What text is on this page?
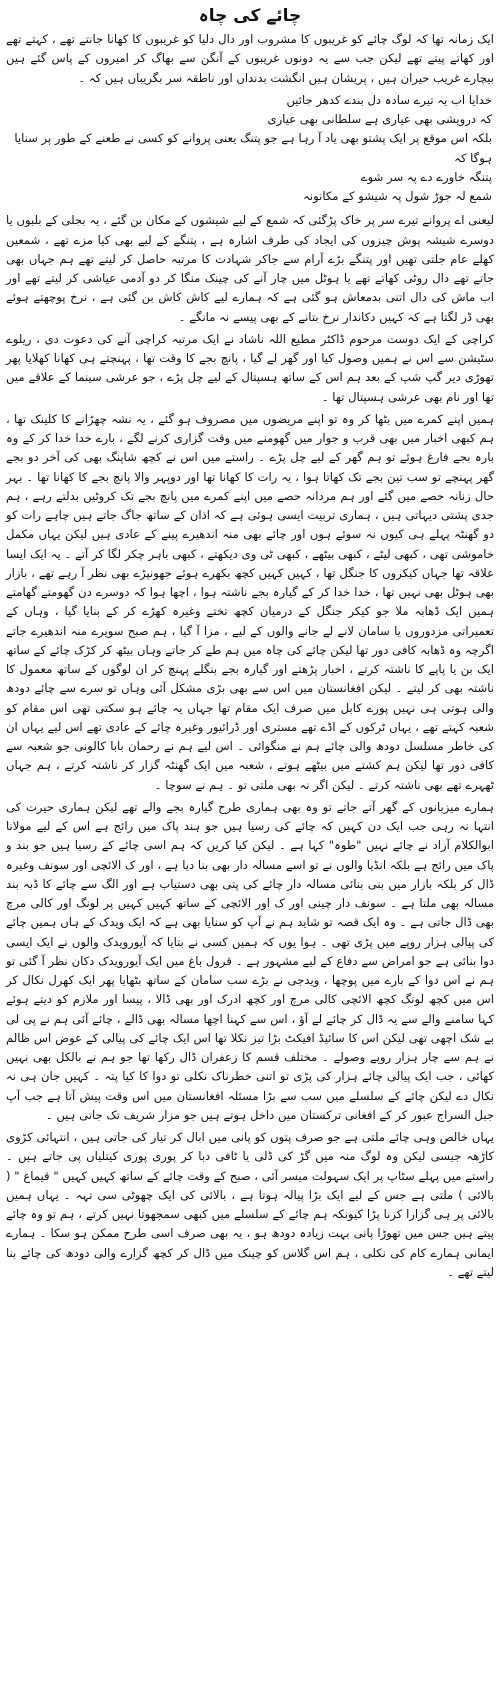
چائے کی چاہ

ایک زمانہ تھا کہ لوگ چائے کو غریبوں کا مشروب اور دال دلیا کو غریبوں کا کھانا جانتے تھے ، کہتے تھے اور کھاتے پیتے تھے لیکن جب سے یہ دونوں غریبوں کے آنگن سے بھاگ کر امیروں کے پاس گئے ہیں بیچارے غریب حیران ہیں ، پریشان ہیں انگشت بدنداں اور ناطقہ سر بگریباں ہیں کہ ۔

خدایا اب یہ تیرے سادہ دل بندے کدھر جائیں

کہ درویشی بھی عیاری ہے سلطانی بھی عیاری

بلکہ اس موقع پر ایک پشتو بھی یاد آ رہا ہے جو پتنگ یعنی پروانے کو کسی نے طعنے کے طور پر سنایا ہوگا کہ

پتنگہ خاورے دے پہ سر شوے

شمع لہ جوڑ شول پہ شیشو کے مکانونہ

لیعنی اے پروانے تیرے سر پر خاک پڑگئی کہ شمع کے لیے شیشوں کے مکان بن گئے ، یہ بجلی کے بلبوں یا دوسرے شیشہ پوش چیزوں کی ایجاد کی طرف اشارہ ہے ، پتنگے کے لیے بھی کیا مزے تھے ، شمعیں کھلے عام جلتی تھیں اور پتنگے بڑے آرام سے جاکر شہادت کا مرتبہ حاصل کر لیتے تھے ہم جہاں بھی جاتے تھے دال روٹی کھاتے تھے یا ہوٹل میں چار آنے کی چینک منگا کر دو آدمی عیاشی کر لیتے تھے اور اب ماش کی دال اتنی بدمعاش ہو گئی ہے کہ ہمارے لیے کاش کاش بن گئی ہے ، نرخ پوچھتے ہوئے بھی ڈر لگتا ہے کہ کہیں دکاندار نرخ بتانے کے بھی پیسے نہ مانگے ۔

کراچی کے ایک دوست مرحوم ڈاکٹر مطیع اللہ ناشاد نے ایک مرتبہ کراچی آنے کی دعوت دی ، ریلوے سٹیشن سے اس نے ہمیں وصول کیا اور گھر لے گیا ، پانچ بجے کا وقت تھا ، پہنچتے ہی کھانا کھلایا پھر تھوڑی دیر گپ شپ کے بعد ہم اس کے ساتھ ہسپتال کے لیے چل پڑے ، جو عرشی سینما کے علاقے میں تھا اور نام بھی عرشی ہسپتال تھا ۔

ہمیں اپنے کمرے میں بٹھا کر وہ تو اپنے مریضوں میں مصروف ہو گئے ، یہ نشہ چھڑانے کا کلینک تھا ، ہم کبھی اخبار میں بھی قرب و جوار میں گھومنے میں وقت گزاری کرنے لگے ، بارے خدا خدا کر کے وہ بارہ بجے فارغ ہوئے تو ہم گھر کے لیے چل پڑے ۔ راستے میں اس نے کچھ شاپنگ بھی کی آخر دو بجے گھر پہنچے تو سب تین بجے تک کھاتا ہوا ، یہ رات کا کھانا تھا اور دوپہر والا پانچ بجے کا کھانا تھا ۔ بہر حال زنانہ حصے میں گئے اور ہم مردانہ حصے میں اپنے کمرے میں پانچ بجے تک کروٹیں بدلتے رہے ، ہم جدی پشتی دیہاتی ہیں ، ہماری تربیت ایسی ہوئی ہے کہ اذان کے ساتھ جاگ جاتے ہیں چاہے رات کو دو گھنٹہ پہلے ہی کیوں نہ سوئے ہوں اور چائے بھی منہ اندھیرے پینے کے عادی ہیں لیکن یہاں مکمل خاموشی تھی ، کبھی لیٹے ، کبھی بیٹھے ، کبھی ٹی وی دیکھتے ، کبھی باہر چکر لگا کر آتے ۔ یہ ایک ایسا علاقہ تھا جہاں کیکروں کا جنگل تھا ، کہیں کہیں کچھ بکھرے ہوئے جھونپڑے بھی نظر آ رہے تھے ، بازار بھی ہوٹل بھی نہیں تھا ، خدا خدا کر کے گیارہ بجے ناشتہ ہوا ، اچھا ہوا کہ دوسرے دن گھومتے گھامتے ہمیں ایک ڈھابہ ملا جو کیکر جنگل کے درمیان کچھ تختے وغیرہ کھڑے کر کے بنایا گیا ، وہاں کے تعمیراتی مزدوروں یا سامان لانے لے جانے والوں کے لیے ، مزا آ گیا ، ہم صبح سویرے منہ اندھیرے جاتے اگرچہ وہ ڈھابہ کافی دور تھا لیکن چائے کی چاہ میں ہم طے کر جاتے وہاں بیٹھ کر کڑک چائے کے ساتھ ایک بن یا پاپے کا ناشتہ کرتے ، اخبار پڑھتے اور گیارہ بجے بنگلے پہنچ کر ان لوگوں کے ساتھ معمول کا ناشتہ بھی کر لیتے ۔ لیکن افغانستان میں اس سے بھی بڑی مشکل آئی وہاں تو سرے سے چائے دودھ والی ہوتی ہی نہیں پورے کابل میں صرف ایک مقام تھا جہاں یہ چائے ہو سکتی تھی اس مقام کو شعبہ کہتے تھے ، یہاں ٹرکوں کے اڈے تھے مستری اور ڈرائیور وغیرہ چائے کے عادی تھے اس لیے یہاں ان کی خاطر مسلسل دودھ والی چائے ہم نے منگوائی ۔ اس لیے ہم نے رحمان بابا کالونی جو شعبہ سے کافی دور تھا لیکن ہم کشتے میں بیٹھے ہوتے ، شعبہ میں ایک گھنٹہ گزار کر ناشتہ کرتے ، ہم جہاں ٹھہرے تھے بھی ناشتہ کرتے ۔ لیکن اگر نہ بھی ملتی تو ۔ ہم نے سوچا ۔

ہمارے میزبانوں کے گھر آتے جاتے تو وہ بھی ہماری طرح گیارہ بجے والے تھے لیکن ہماری حیرت کی انتہا نہ رہی جب ایک دن کہیں کہ چائے کی رسیا ہیں جو ہند پاک میں رائج ہے اس کے لیے مولانا ابوالکلام آزاد نے چائے نہیں "طوہ" کہا ہے ۔ لیکن کیا کریں کہ ہم اسی چائے کے رسیا ہیں جو بند و پاک میں رائج ہے بلکہ انڈیا والوں نے تو اسے مسالہ دار بھی بنا دیا ہے ، اور ک الائچی اور سونف وغیرہ ڈال کر بلکہ بازار میں بنی بنائی مسالہ دار چائے کی پتی بھی دستیاب ہے اور الگ سے چائے کا ڈبہ بند مسالہ بھی ملتا ہے ۔ سونف دار چینی اور ک اور الائچی کے ساتھ کہیں کہیں پر لونگ اور کالی مرچ بھی ڈال جاتی ہے ۔ وہ ایک قصہ تو شاید ہم نے آپ کو سنایا بھی ہے کہ ایک ویدک کے ہاں ہمیں چائے کی پیالی ہزار روپے میں پڑی تھی ۔ ہوا یوں کہ ہمیں کسی نے بتایا کہ آیورویدک والوں نے ایک ایسی دوا بنائی ہے جو امراض سے دفاع کے لیے مشہور ہے ۔ قرول باغ میں ایک آیورویدک دکان نظر آ گئی تو ہم نے اس دوا کے بارے میں پوچھا ، ویدجی نے بڑے سب سامان کے ساتھ بٹھایا پھر ایک کھرل نکال کر اس میں کچھ لونگ کچھ الائچی کالی مرچ اور کچھ ادرک اور بھی ڈالا ، پیسا اور ملازم کو دیتے ہوئے کہا سامنے والے سے یہ ڈال کر چائے لے آؤ ، اس سے کہنا اچھا مسالہ بھی ڈالے ، چائے آئی ہم نے پی لی بے شک اچھی تھی لیکن اس کا سائیڈ افیکٹ بڑا تیز نکلا تھا اس ایک چائے کی پیالی کے عوض اس ظالم نے ہم سے چار ہزار روپے وصولے ۔ مختلف قسم کا زعفران ڈال رکھا تھا جو ہم نے بالکل بھی نہیں کھائی ، جب ایک پیالی چائے ہزار کی پڑی تو اتنی خطرناک نکلی تو دوا کا کیا پتہ ۔ کہیں جان ہی نہ نکال دے لیکن چائے کے سلسلے میں سب سے بڑا مسئلہ افغانستان میں اس وقت پیش آتا ہے جب آپ جبل السراج عبور کر کے افغانی ترکستان میں داخل ہوتے ہیں جو مزار شریف تک جاتی ہیں ۔

یہاں خالص وہی چائے ملتی ہے جو صرف پتوں کو پانی میں ابال کر تیار کی جاتی ہیں ، انتہائی کڑوی کاڑھہ جیسی لیکن وہ لوگ منہ میں گڑ کی ڈلی یا ٹافی دبا کر پوری پوری کیتلیاں پی جاتے ہیں ۔ راستے میں پہلے سٹاپ پر ایک سہولت میسر آئی ، صبح کے وقت چائے کے ساتھ کہیں کہیں " قیماغ " ( بالائی ) ملتی ہے جس کے لیے ایک بڑا پیالہ ہوتا ہے ، بالائی کی ایک چھوٹی سی تہہ ۔ یہاں ہمیں بالائی پر ہی گزارا کرنا پڑا کیونکہ ہم چائے کے سلسلے میں کبھی سمجھوتا نہیں کرتے ، ہم تو وہ چائے پیتے ہیں جس میں تھوڑا پانی بہت زیادہ دودھ ہو ، یہ بھی صرف اسی طرح ممکن ہو سکا ۔ ہمارے ایمانی ہمارے کام کی نکلی ، ہم اس گلاس کو چینک میں ڈال کر کچھ گزارے والی دودھ کی چائے بنا لیتے تھے ۔
